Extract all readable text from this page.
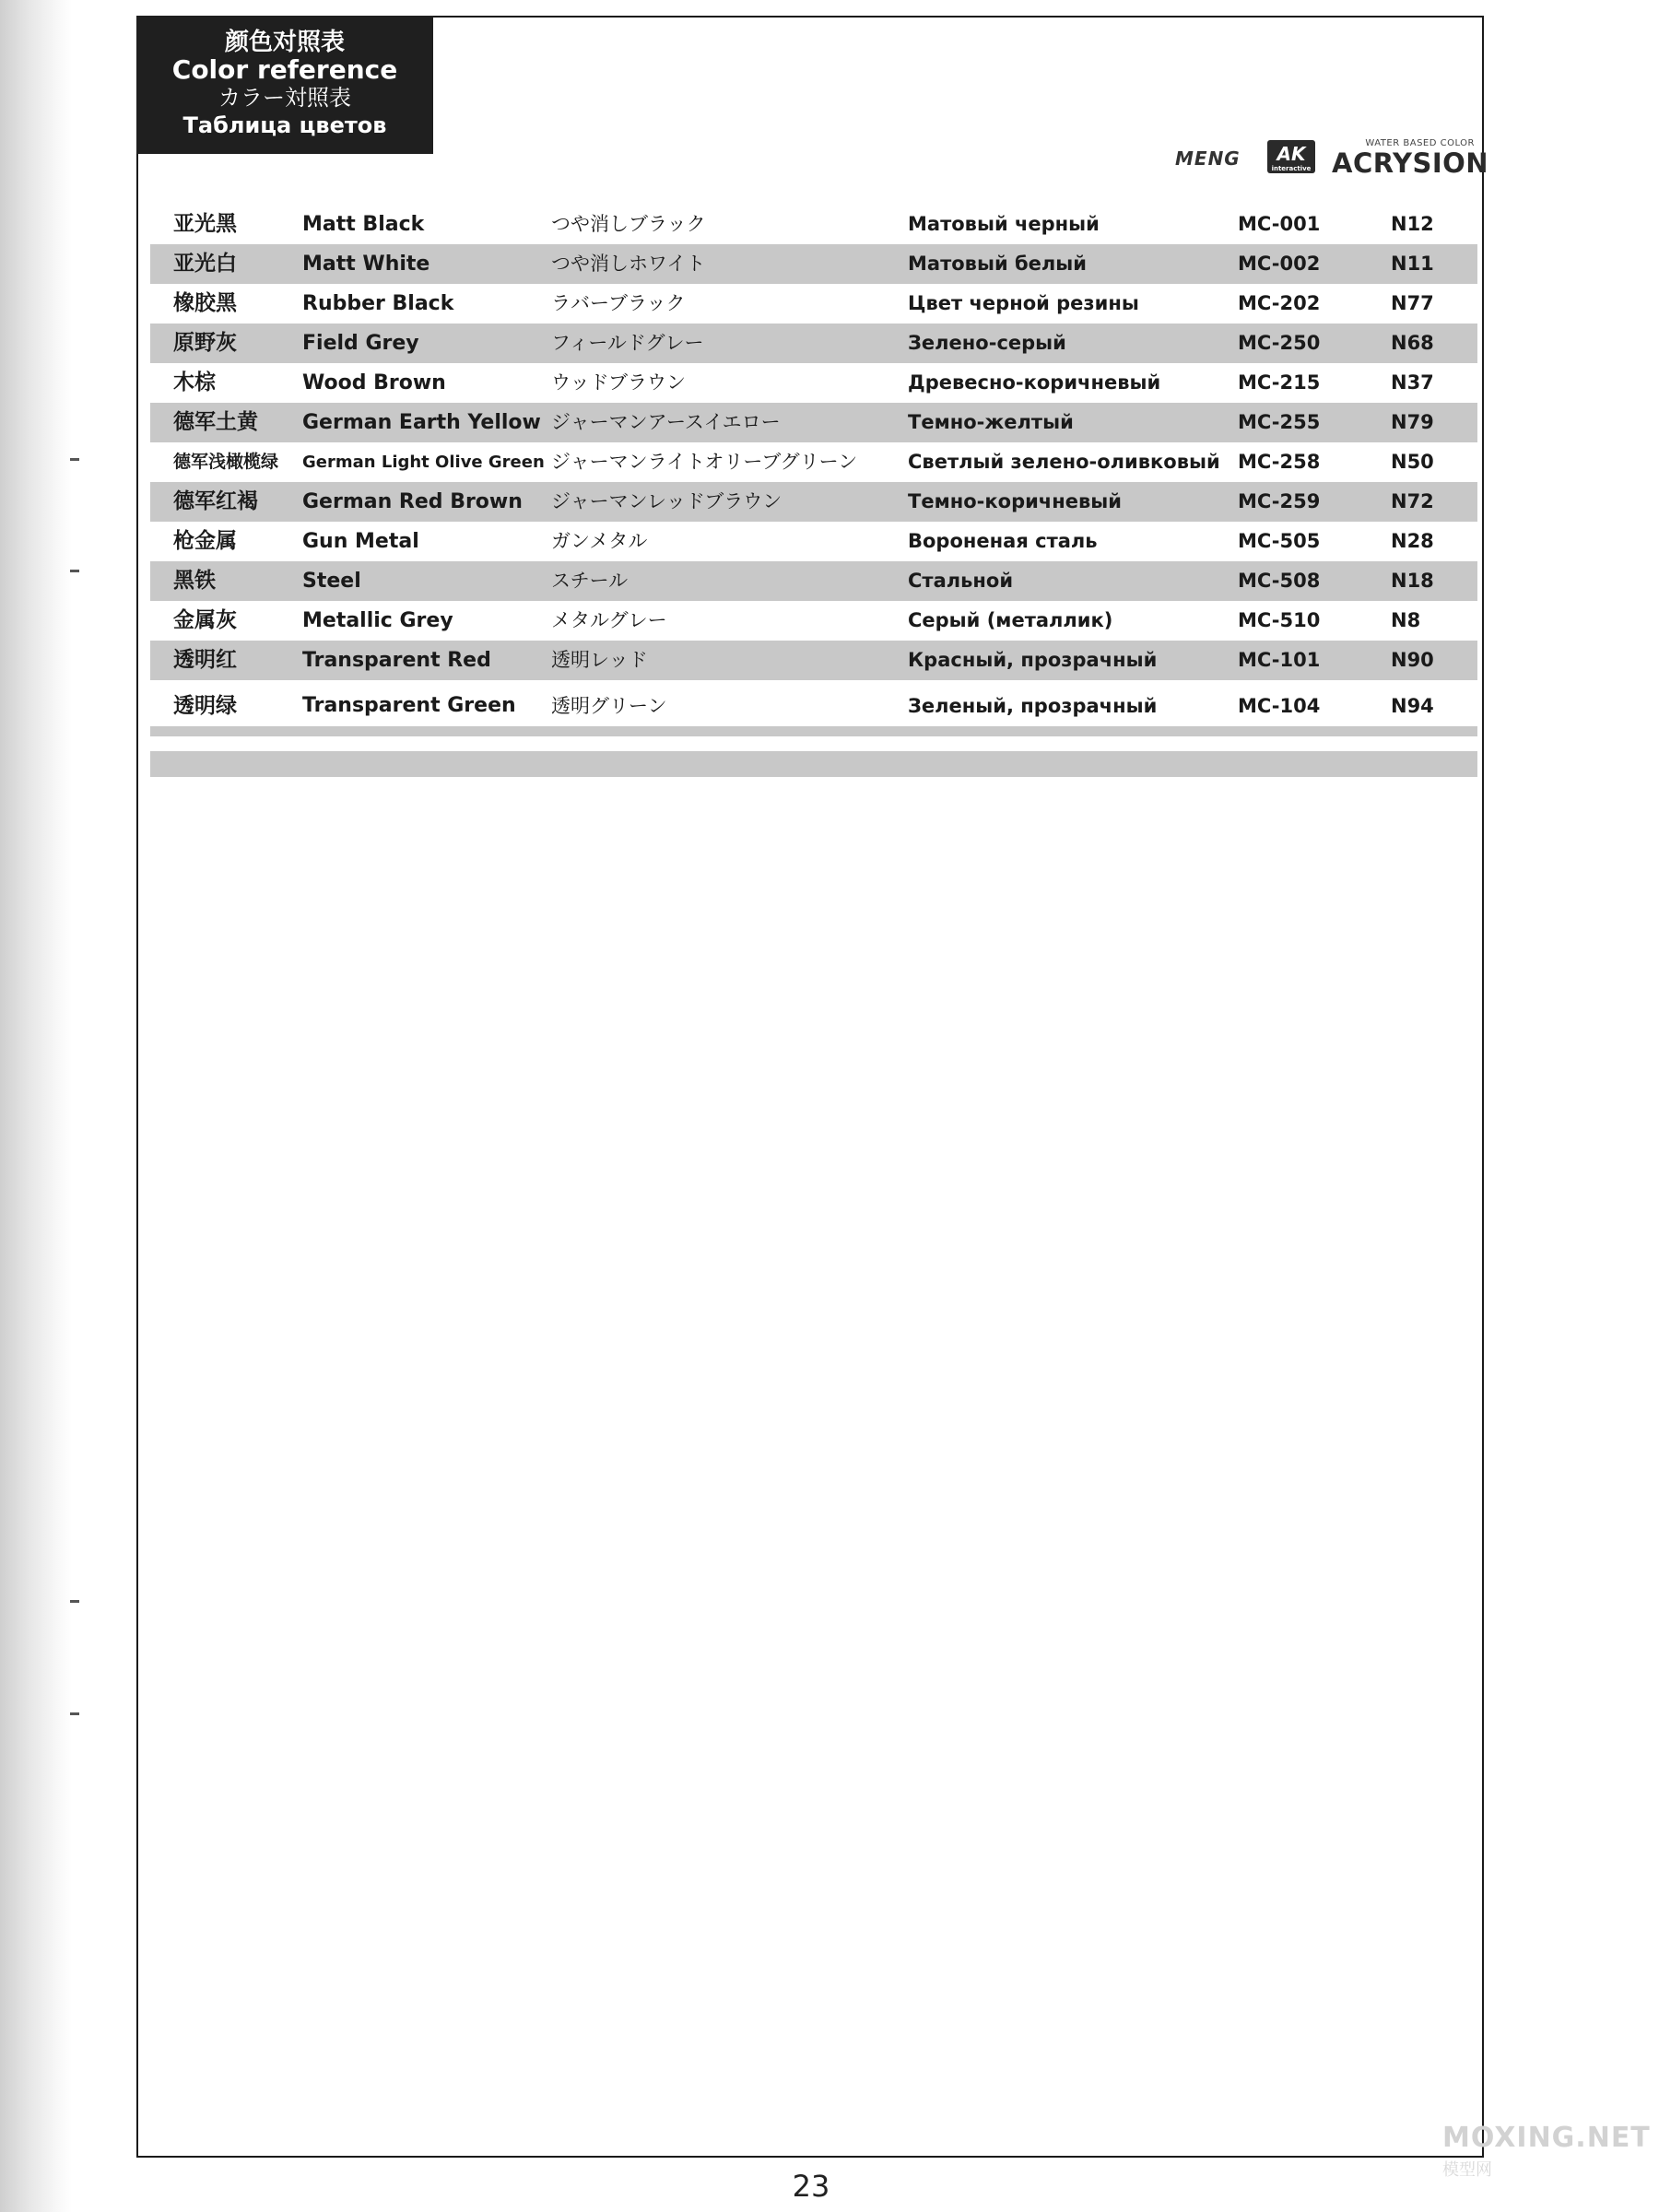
颜色对照表
Color reference
カラー対照表
Таблица цветов
MENG	AK
interactive
WATER BASED COLOR
ACRYSION
亚光黑	Matt Black	つや消しブラック	Матовый черный	MC-001	N12
亚光白	Matt White	つや消しホワイト	Матовый белый	MC-002	N11
橡胶黑	Rubber Black	ラバーブラック	Цвет черной резины	MC-202	N77
原野灰	Field Grey	フィールドグレー	Зелено-серый	MC-250	N68
木棕	Wood Brown	ウッドブラウン	Древесно-коричневый	MC-215	N37
德军土黄 German Earth Yellow ジャーマンアースイエロー	Темно-желтый	MC-255	N79
德军浅橄榄绿 German Light Olive Green ジャーマンライトオリーブグリーン	Светлый зелено-оливковый MC-258	N50
德军红褐 German Red Brown ジャーマンレッドブラウン	Темно-коричневый	MC-259	N72
枪金属	Gun Metal	ガンメタル	Вороненая сталь	MC-505	N28
黑铁	Steel	スチール	Стальной	MC-508	N18
金属灰	Metallic Grey	メタルグレー	Серый (металлик)	MC-510	N8
透明红	Transparent Red	透明レッド	Красный, прозрачный	MC-101	N90
透明绿	Transparent Green 透明グリーン	Зеленый, прозрачный	MC-104	N94
23
MOXING.NET
模型网
